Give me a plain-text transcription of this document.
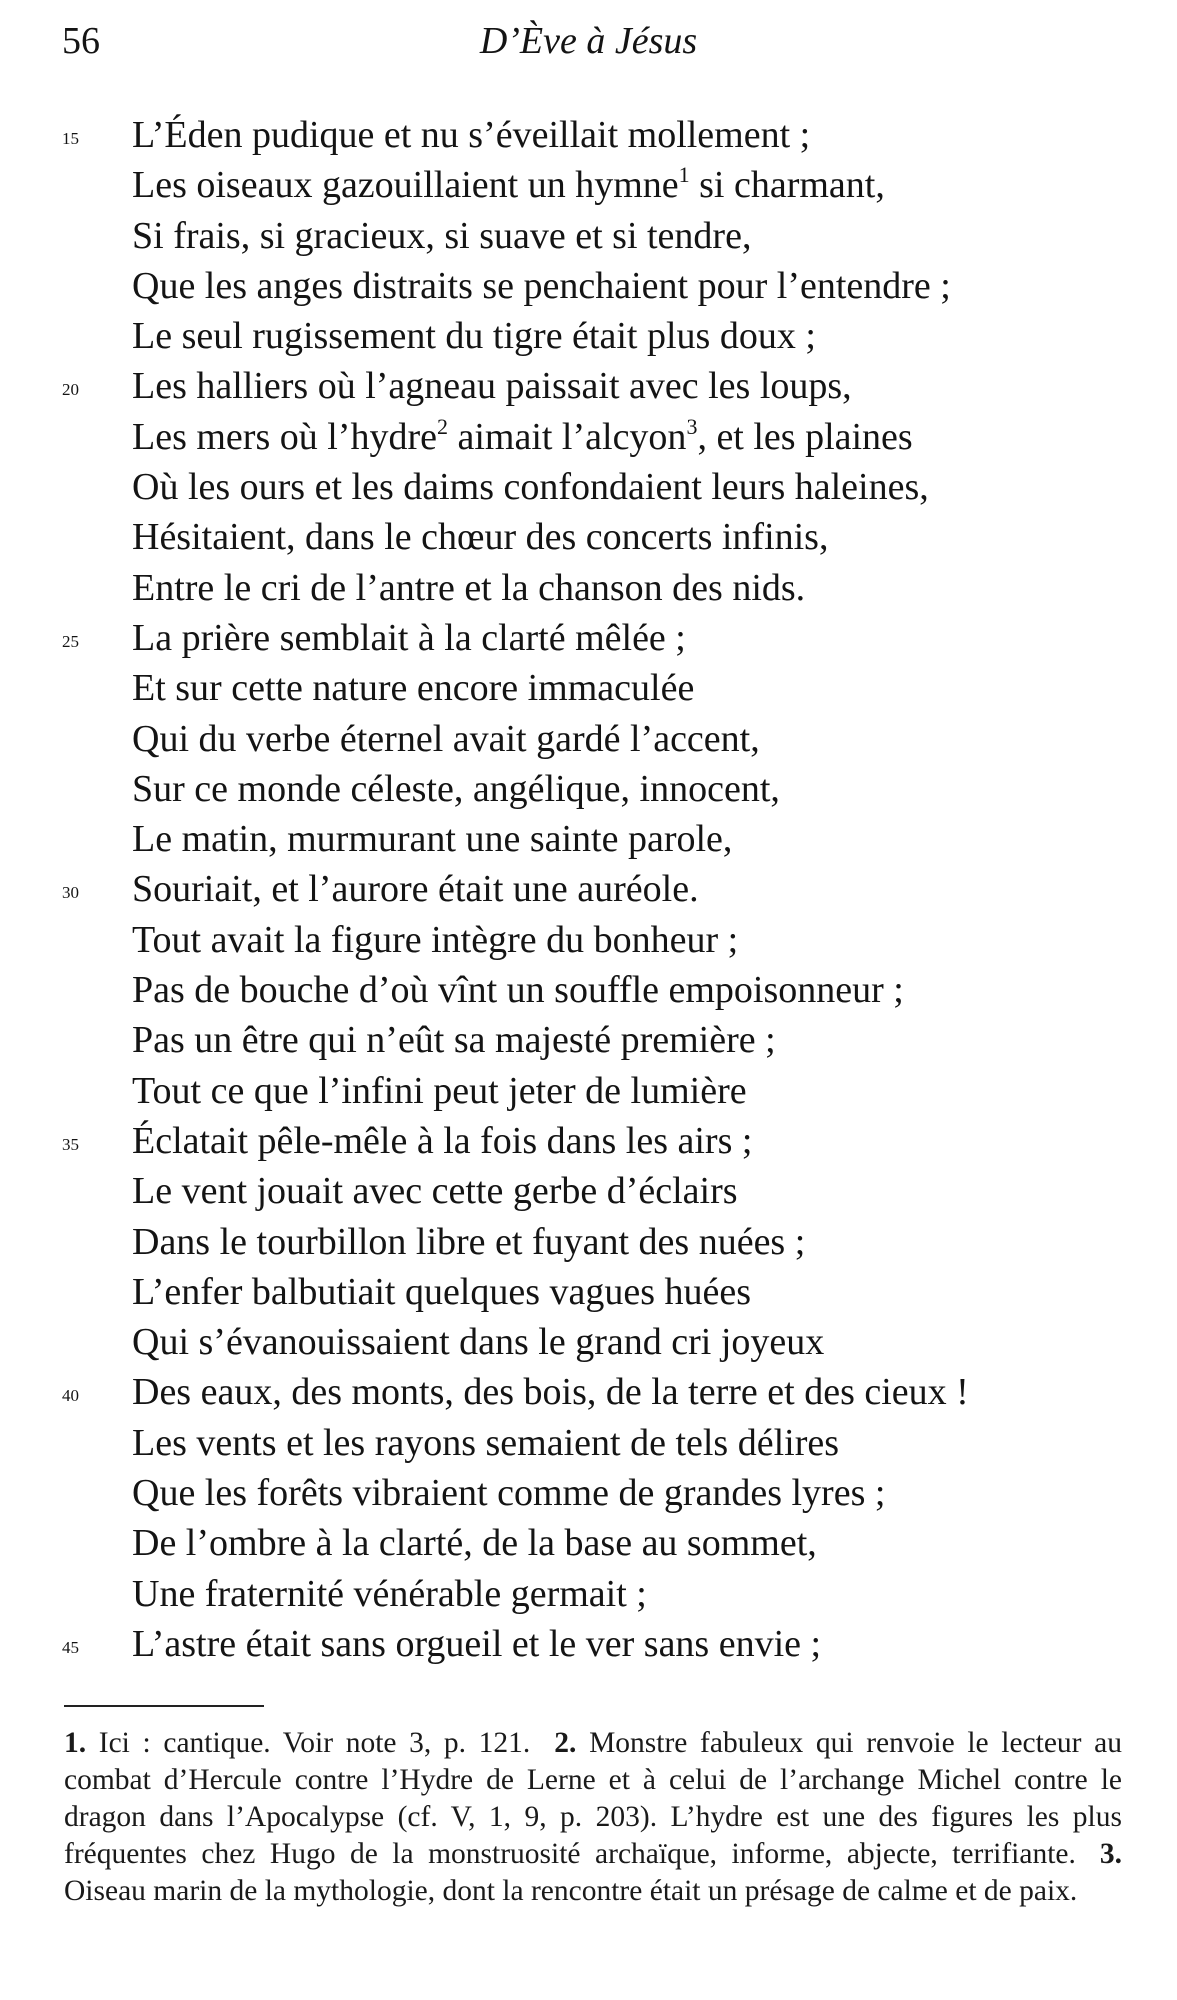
56	D’Ève à Jésus
15 L’Éden pudique et nu s’éveillait mollement ;
Les oiseaux gazouillaient un hymne$^1$ si charmant,
Si frais, si gracieux, si suave et si tendre,
Que les anges distraits se penchaient pour l’entendre ;
Le seul rugissement du tigre était plus doux ;
20 Les halliers où l’agneau paissait avec les loups,
Les mers où l’hydre$^2$ aimait l’alcyon$^3$, et les plaines
Où les ours et les daims confondaient leurs haleines,
Hésitaient, dans le chœur des concerts infinis,
Entre le cri de l’antre et la chanson des nids.
25 La prière semblait à la clarté mêlée ;
Et sur cette nature encore immaculée
Qui du verbe éternel avait gardé l’accent,
Sur ce monde céleste, angélique, innocent,
Le matin, murmurant une sainte parole,
30 Souriait, et l’aurore était une auréole.
Tout avait la figure intègre du bonheur ;
Pas de bouche d’où vînt un souffle empoisonneur ;
Pas un être qui n’eût sa majesté première ;
Tout ce que l’infini peut jeter de lumière
35 Éclatait pêle-mêle à la fois dans les airs ;
Le vent jouait avec cette gerbe d’éclairs
Dans le tourbillon libre et fuyant des nuées ;
L’enfer balbutiait quelques vagues huées
Qui s’évanouissaient dans le grand cri joyeux
40 Des eaux, des monts, des bois, de la terre et des cieux !
Les vents et les rayons semaient de tels délires
Que les forêts vibraient comme de grandes lyres ;
De l’ombre à la clarté, de la base au sommet,
Une fraternité vénérable germait ;
45 L’astre était sans orgueil et le ver sans envie ;
1. Ici : cantique. Voir note 3, p. 121. 2. Monstre fabuleux qui renvoie le lecteur au combat d’Hercule contre l’Hydre de Lerne et à celui de l’archange Michel contre le dragon dans l’Apocalypse (cf. V, 1, 9, p. 203). L’hydre est une des figures les plus fréquentes chez Hugo de la monstruosité archaïque, informe, abjecte, terrifiante. 3. Oiseau marin de la mythologie, dont la rencontre était un présage de calme et de paix.
